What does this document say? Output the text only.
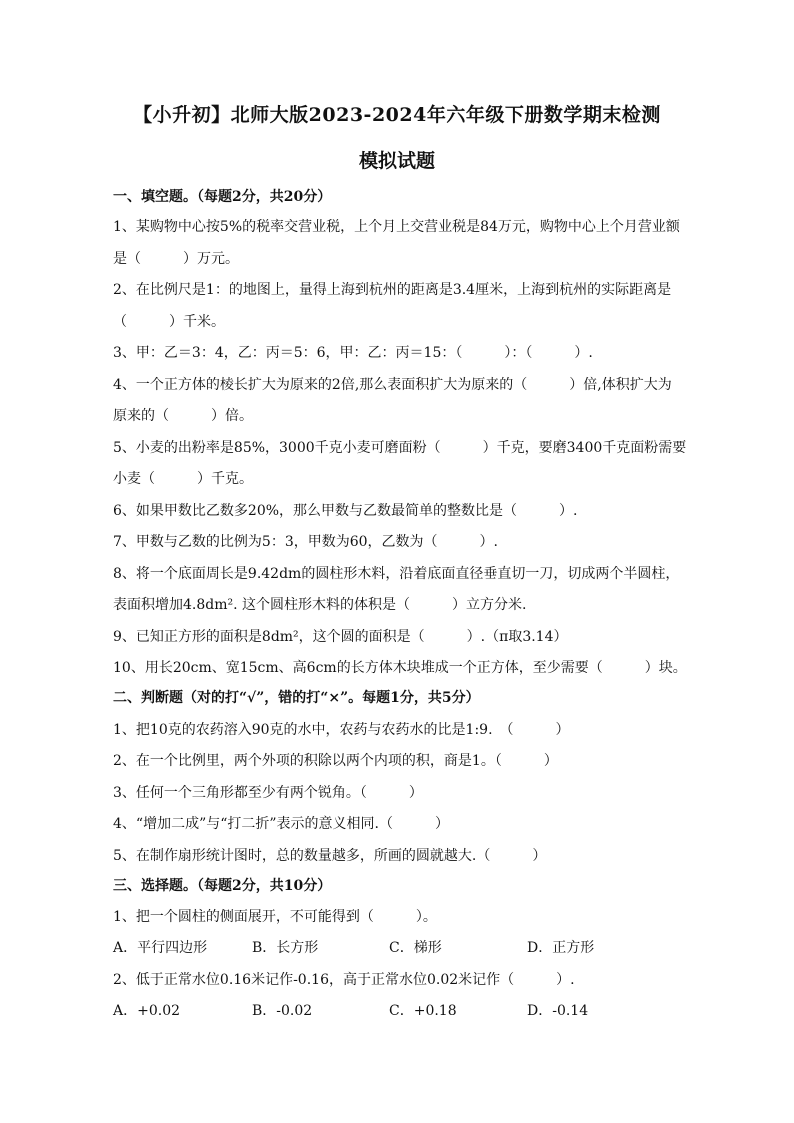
【小升初】北师大版2023-2024年六年级下册数学期末检测
模拟试题
一、填空题。（每题2分，共20分）
1、某购物中心按5%的税率交营业税，上个月上交营业税是84万元，购物中心上个月营业额
是（　　　）万元。
2、在比例尺是1：的地图上，量得上海到杭州的距离是3.4厘米，上海到杭州的实际距离是
（　　　）千米。
3、甲：乙＝3：4，乙：丙＝5：6，甲：乙：丙＝15：（　　　）：（　　　）.
4、一个正方体的棱长扩大为原来的2倍,那么表面积扩大为原来的（　　　）倍,体积扩大为
原来的（　　　）倍。
5、小麦的出粉率是85%，3000千克小麦可磨面粉（　　　）千克，要磨3400千克面粉需要
小麦（　　　）千克。
6、如果甲数比乙数多20%，那么甲数与乙数最简单的整数比是（　　　）.
7、甲数与乙数的比例为5：3，甲数为60，乙数为（　　　）.
8、将一个底面周长是9.42dm的圆柱形木料，沿着底面直径垂直切一刀，切成两个半圆柱，
表面积增加4.8dm². 这个圆柱形木料的体积是（　　　）立方分米.
9、已知正方形的面积是8dm²，这个圆的面积是（　　　）.（π取3.14）
10、用长20cm、宽15cm、高6cm的长方体木块堆成一个正方体，至少需要（　　　）块。
二、判断题（对的打“√”，错的打“×”。每题1分，共5分）
1、把10克的农药溶入90克的水中，农药与农药水的比是1:9.　（　　　）
2、在一个比例里，两个外项的积除以两个内项的积，商是1。（　　　）
3、任何一个三角形都至少有两个锐角。（　　　）
4、“增加二成”与“打二折”表示的意义相同.（　　　）
5、在制作扇形统计图时，总的数量越多，所画的圆就越大.（　　　）
三、选择题。（每题2分，共10分）
1、把一个圆柱的侧面展开，不可能得到（　　　）。
A．平行四边形	B．长方形	C．梯形	D．正方形
2、低于正常水位0.16米记作-0.16，高于正常水位0.02米记作（　　　）.
A．+0.02	B．-0.02	C．+0.18	D．-0.14
